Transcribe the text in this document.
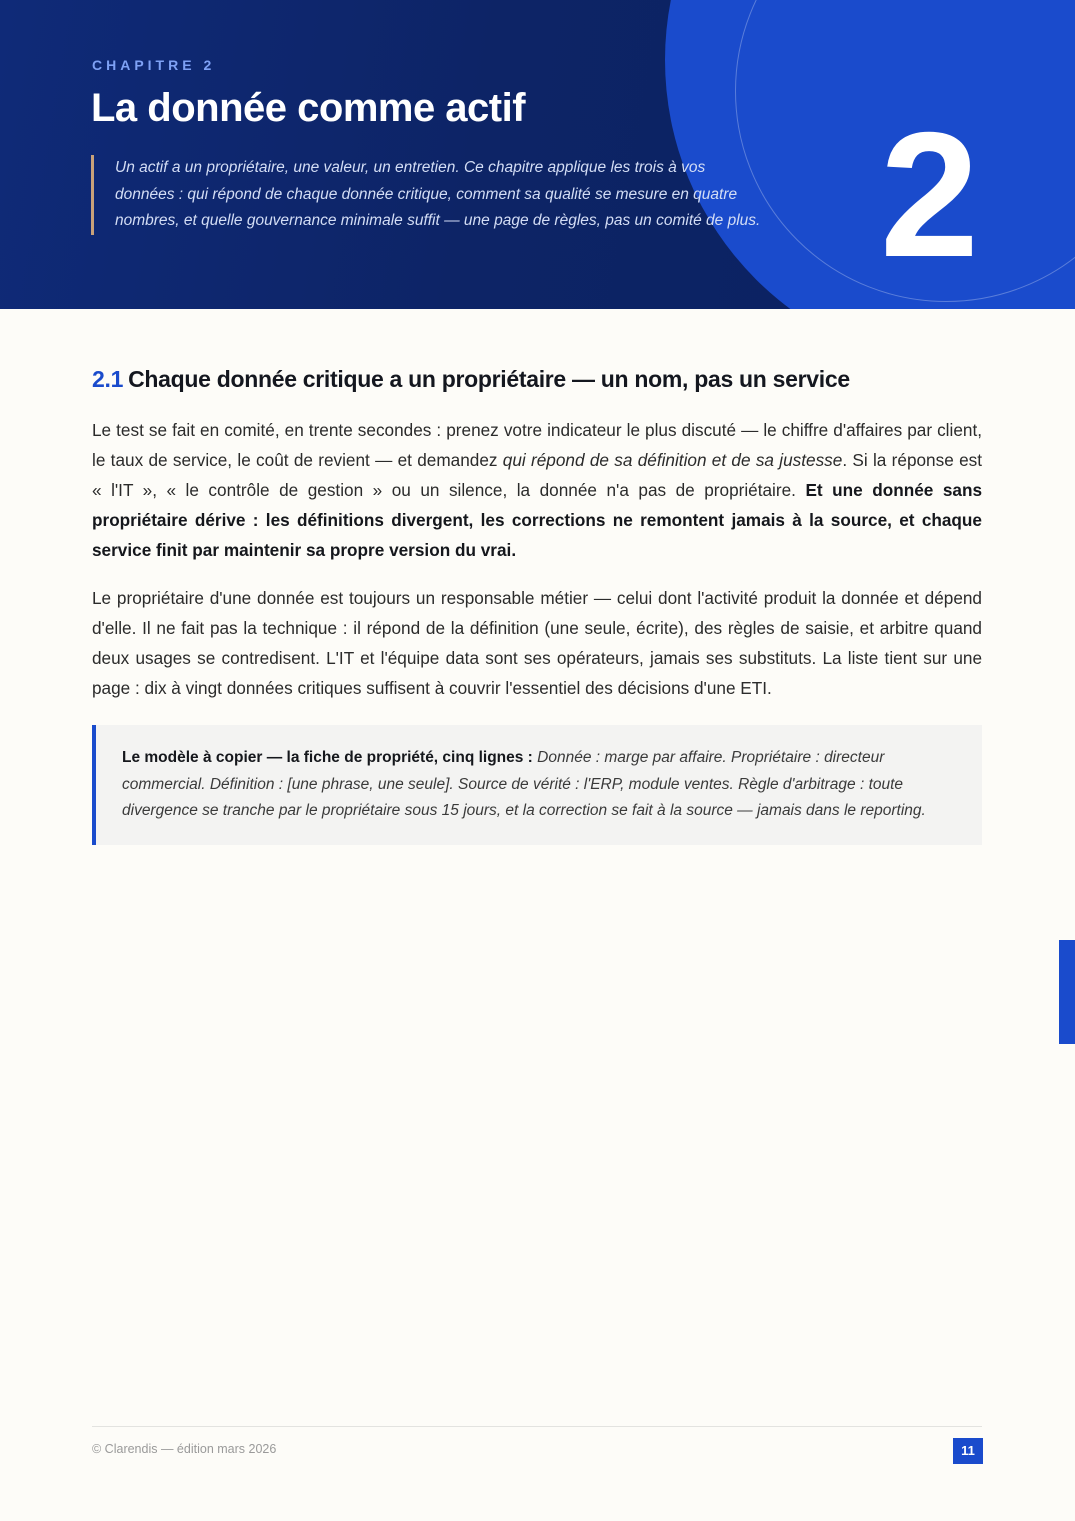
CHAPITRE 2

La donnée comme actif

Un actif a un propriétaire, une valeur, un entretien. Ce chapitre applique les trois à vos données : qui répond de chaque donnée critique, comment sa qualité se mesure en quatre nombres, et quelle gouvernance minimale suffit — une page de règles, pas un comité de plus. 2

2.1 Chaque donnée critique a un propriétaire — un nom, pas un service

Le test se fait en comité, en trente secondes : prenez votre indicateur le plus discuté — le chiffre d'affaires par client, le taux de service, le coût de revient — et demandez qui répond de sa définition et de sa justesse. Si la réponse est « l'IT », « le contrôle de gestion » ou un silence, la donnée n'a pas de propriétaire. Et une donnée sans propriétaire dérive : les définitions divergent, les corrections ne remontent jamais à la source, et chaque service finit par maintenir sa propre version du vrai.

Le propriétaire d'une donnée est toujours un responsable métier — celui dont l'activité produit la donnée et dépend d'elle. Il ne fait pas la technique : il répond de la définition (une seule, écrite), des règles de saisie, et arbitre quand deux usages se contredisent. L'IT et l'équipe data sont ses opérateurs, jamais ses substituts. La liste tient sur une page : dix à vingt données critiques suffisent à couvrir l'essentiel des décisions d'une ETI.

Le modèle à copier — la fiche de propriété, cinq lignes : Donnée : marge par affaire. Propriétaire : directeur commercial. Définition : [une phrase, une seule]. Source de vérité : l'ERP, module ventes. Règle d'arbitrage : toute divergence se tranche par le propriétaire sous 15 jours, et la correction se fait à la source — jamais dans le reporting.

© Clarendis — édition mars 2026	11
